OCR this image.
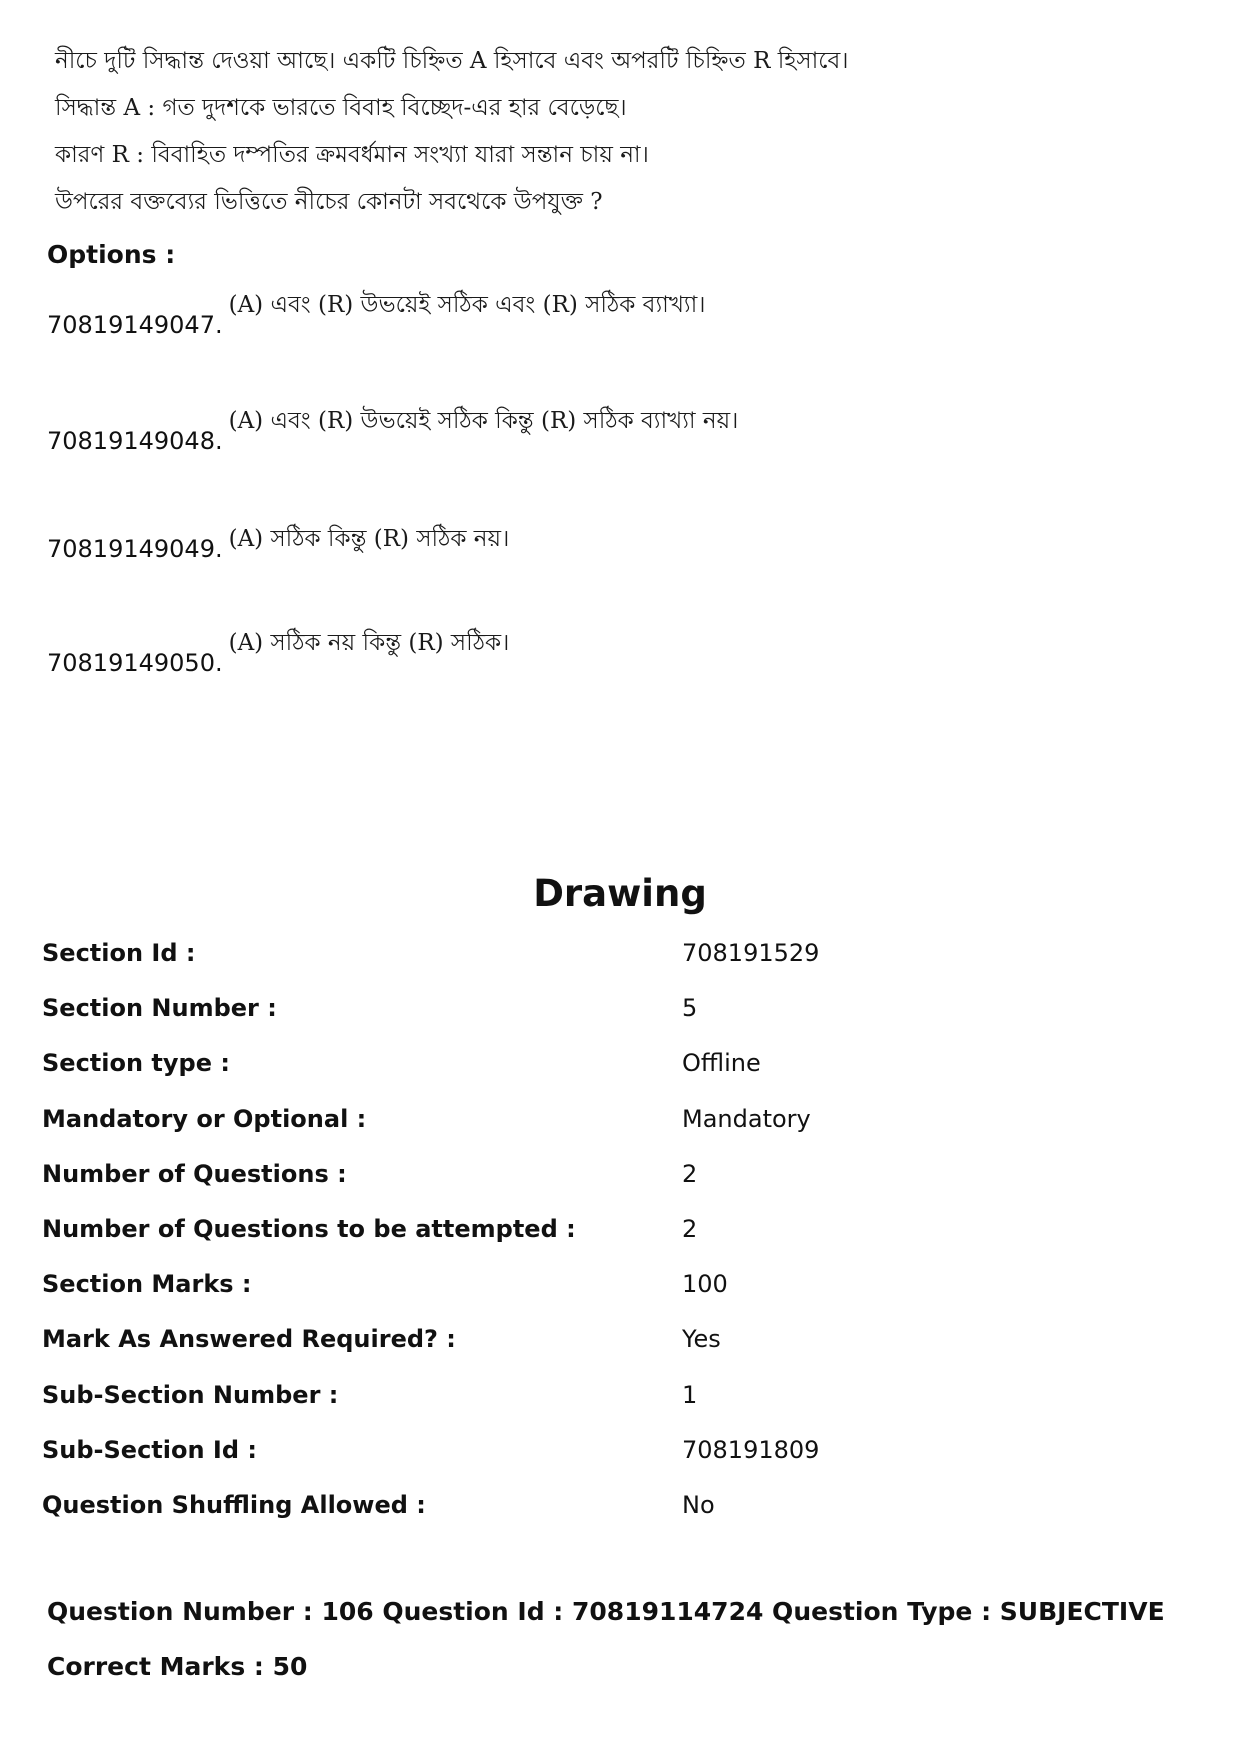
নীচে দুটি সিদ্ধান্ত দেওয়া আছে। একটি চিহ্নিত A হিসাবে এবং অপরটি চিহ্নিত R হিসাবে।
সিদ্ধান্ত A : গত দুদশকে ভারতে বিবাহ বিচ্ছেদ-এর হার বেড়েছে।
কারণ R : বিবাহিত দম্পতির ক্রমবর্ধমান সংখ্যা যারা সন্তান চায় না।
উপরের বক্তব্যের ভিত্তিতে নীচের কোনটা সবথেকে উপযুক্ত ?
Options :
70819149047.(A) এবং (R) উভয়েই সঠিক এবং (R) সঠিক ব্যাখ্যা।
70819149048.(A) এবং (R) উভয়েই সঠিক কিন্তু (R) সঠিক ব্যাখ্যা নয়।
70819149049. (A) সঠিক কিন্তু (R) সঠিক নয়।
70819149050.(A) সঠিক নয় কিন্তু (R) সঠিক।
Drawing
Section Id :	708191529
Section Number :	5
Section type :	Offline
Mandatory or Optional :	Mandatory
Number of Questions :	2
Number of Questions to be attempted :	2
Section Marks :	100
Mark As Answered Required? :	Yes
Sub-Section Number :	1
Sub-Section Id :	708191809
Question Shuffling Allowed :	No
Question Number : 106 Question Id : 70819114724 Question Type : SUBJECTIVE
Correct Marks : 50
